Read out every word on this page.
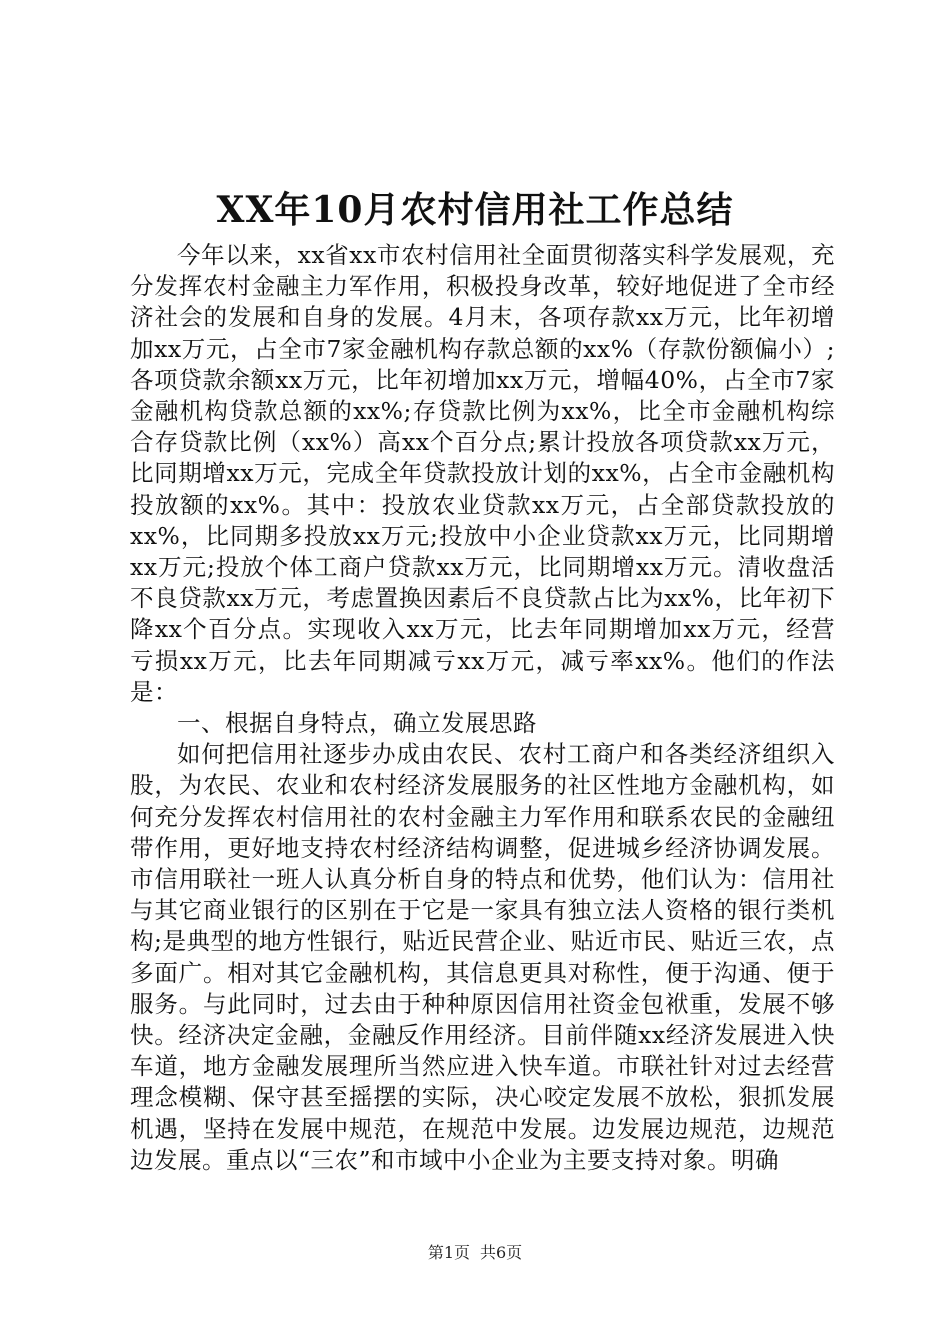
XX年10月农村信用社工作总结

今年以来，xx省xx市农村信用社全面贯彻落实科学发展观，充分发挥农村金融主力军作用，积极投身改革，较好地促进了全市经济社会的发展和自身的发展。4月末，各项存款xx万元，比年初增加xx万元，占全市7家金融机构存款总额的xx%（存款份额偏小）;各项贷款余额xx万元，比年初增加xx万元，增幅40%，占全市7家金融机构贷款总额的xx%;存贷款比例为xx%，比全市金融机构综合存贷款比例（xx%）高xx个百分点;累计投放各项贷款xx万元，比同期增xx万元，完成全年贷款投放计划的xx%，占全市金融机构投放额的xx%。其中：投放农业贷款xx万元，占全部贷款投放的xx%，比同期多投放xx万元;投放中小企业贷款xx万元，比同期增xx万元;投放个体工商户贷款xx万元，比同期增xx万元。清收盘活不良贷款xx万元，考虑置换因素后不良贷款占比为xx%，比年初下降xx个百分点。实现收入xx万元，比去年同期增加xx万元，经营亏损xx万元，比去年同期减亏xx万元，减亏率xx%。他们的作法是：

一、根据自身特点，确立发展思路

如何把信用社逐步办成由农民、农村工商户和各类经济组织入股，为农民、农业和农村经济发展服务的社区性地方金融机构，如何充分发挥农村信用社的农村金融主力军作用和联系农民的金融纽带作用，更好地支持农村经济结构调整，促进城乡经济协调发展。市信用联社一班人认真分析自身的特点和优势，他们认为：信用社与其它商业银行的区别在于它是一家具有独立法人资格的银行类机构;是典型的地方性银行，贴近民营企业、贴近市民、贴近三农，点多面广。相对其它金融机构，其信息更具对称性，便于沟通、便于服务。与此同时，过去由于种种原因信用社资金包袱重，发展不够快。经济决定金融，金融反作用经济。目前伴随xx经济发展进入快车道，地方金融发展理所当然应进入快车道。市联社针对过去经营理念模糊、保守甚至摇摆的实际，决心咬定发展不放松，狠抓发展机遇，坚持在发展中规范，在规范中发展。边发展边规范，边规范边发展。重点以“三农”和市域中小企业为主要支持对象。明确

第1页 共6页
